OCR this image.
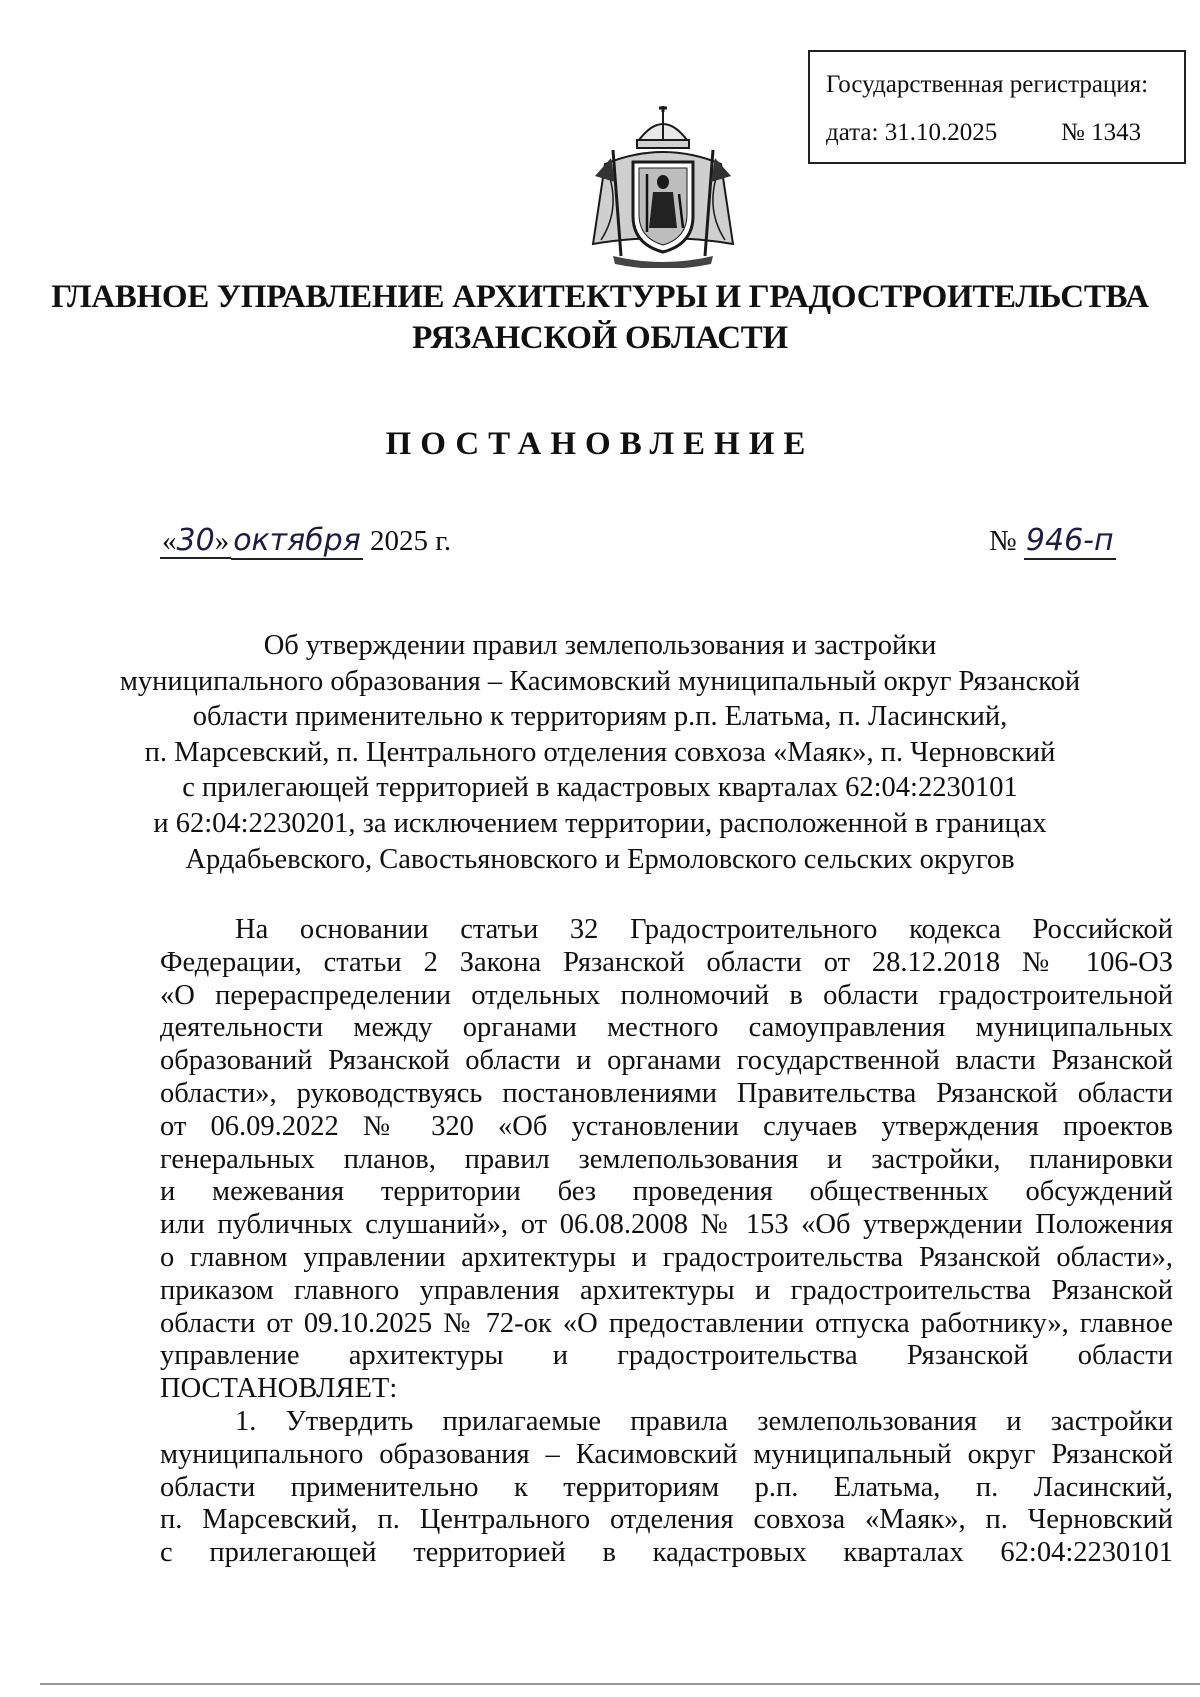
Государственная регистрация:
дата: 31.10.2025	№ 1343
ГЛАВНОЕ УПРАВЛЕНИЕ АРХИТЕКТУРЫ И ГРАДОСТРОИТЕЛЬСТВА
РЯЗАНСКОЙ ОБЛАСТИ
ПОСТАНОВЛЕНИЕ
«30» октября 2025 г.	№ 946-п
Об утверждении правил землепользования и застройки
муниципального образования – Касимовский муниципальный округ Рязанской
области применительно к территориям р.п. Елатьма, п. Ласинский,
п. Марсевский, п. Центрального отделения совхоза «Маяк», п. Черновский
с прилегающей территорией в кадастровых кварталах 62:04:2230101
и 62:04:2230201, за исключением территории, расположенной в границах
Ардабьевского, Савостьяновского и Ермоловского сельских округов
На основании статьи 32 Градостроительного кодекса Российской
Федерации, статьи 2 Закона Рязанской области от 28.12.2018 № 106-ОЗ
«О перераспределении отдельных полномочий в области градостроительной
деятельности между органами местного самоуправления муниципальных
образований Рязанской области и органами государственной власти Рязанской
области», руководствуясь постановлениями Правительства Рязанской области
от 06.09.2022 № 320 «Об установлении случаев утверждения проектов
генеральных планов, правил землепользования и застройки, планировки
и межевания территории без проведения общественных обсуждений
или публичных слушаний», от 06.08.2008 № 153 «Об утверждении Положения
о главном управлении архитектуры и градостроительства Рязанской области»,
приказом главного управления архитектуры и градостроительства Рязанской
области от 09.10.2025 № 72-ок «О предоставлении отпуска работнику», главное
управление архитектуры и градостроительства Рязанской области
ПОСТАНОВЛЯЕТ:
1. Утвердить прилагаемые правила землепользования и застройки
муниципального образования – Касимовский муниципальный округ Рязанской
области применительно к территориям р.п. Елатьма, п. Ласинский,
п. Марсевский, п. Центрального отделения совхоза «Маяк», п. Черновский
с прилегающей территорией в кадастровых кварталах 62:04:2230101
